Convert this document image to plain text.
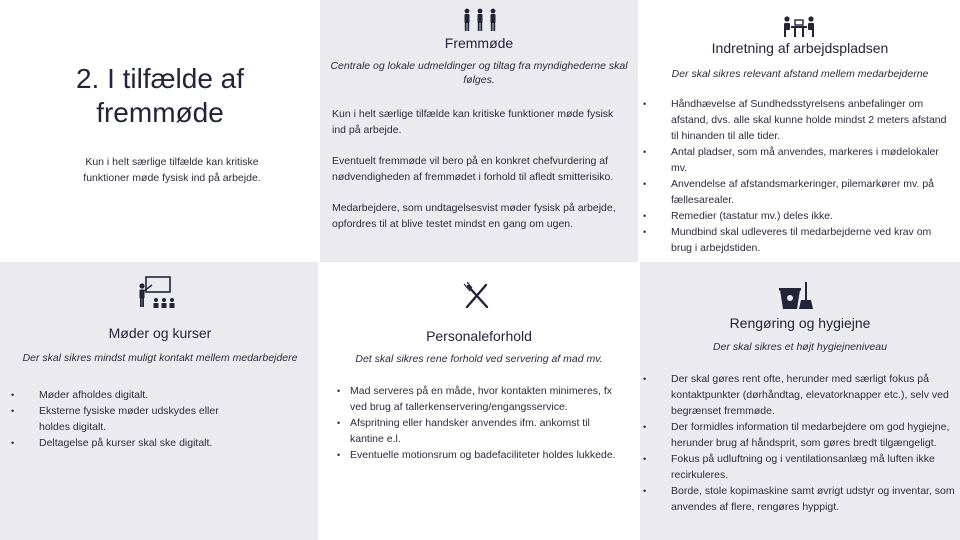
2. I tilfælde af fremmøde

Kun i helt særlige tilfælde kan kritiske funktioner møde fysisk ind på arbejde.

Fremmøde

Centrale og lokale udmeldinger og tiltag fra myndighederne skal følges.

Kun i helt særlige tilfælde kan kritiske funktioner møde fysisk ind på arbejde.

Eventuelt fremmøde vil bero på en konkret chefvurdering af nødvendigheden af fremmødet i forhold til afledt smitterisiko.

Medarbejdere, som undtagelsesvist møder fysisk på arbejde, opfordres til at blive testet mindst en gang om ugen.

Indretning af arbejdspladsen

Der skal sikres relevant afstand mellem medarbejderne

• Håndhævelse af Sundhedsstyrelsens anbefalinger om afstand, dvs. alle skal kunne holde mindst 2 meters afstand til hinanden til alle tider.
• Antal pladser, som må anvendes, markeres i mødelokaler mv.
• Anvendelse af afstandsmarkeringer, pilemarkører mv. på fællesarealer.
• Remedier (tastatur mv.) deles ikke.
• Mundbind skal udleveres til medarbejderne ved krav om brug i arbejdstiden.
Møder og kurser

Der skal sikres mindst muligt kontakt mellem medarbejdere

• Møder afholdes digitalt.
• Eksterne fysiske møder udskydes eller holdes digitalt.
• Deltagelse på kurser skal ske digitalt.
Personaleforhold

Det skal sikres rene forhold ved servering af mad mv.

• Mad serveres på en måde, hvor kontakten minimeres, fx ved brug af tallerkenservering/engangsservice.
• Afspritning eller handsker anvendes ifm. ankomst til kantine e.l.
• Eventuelle motionsrum og badefaciliteter holdes lukkede.
Rengøring og hygiejne

Der skal sikres et højt hygiejneniveau

• Der skal gøres rent ofte, herunder med særligt fokus på kontaktpunkter (dørhåndtag, elevatorknapper etc.), selv ved begrænset fremmøde.
• Der formidles information til medarbejdere om god hygiejne, herunder brug af håndsprit, som gøres bredt tilgængeligt.
• Fokus på udluftning og i ventilationsanlæg må luften ikke recirkuleres.
• Borde, stole kopimaskine samt øvrigt udstyr og inventar, som anvendes af flere, rengøres hyppigt.
